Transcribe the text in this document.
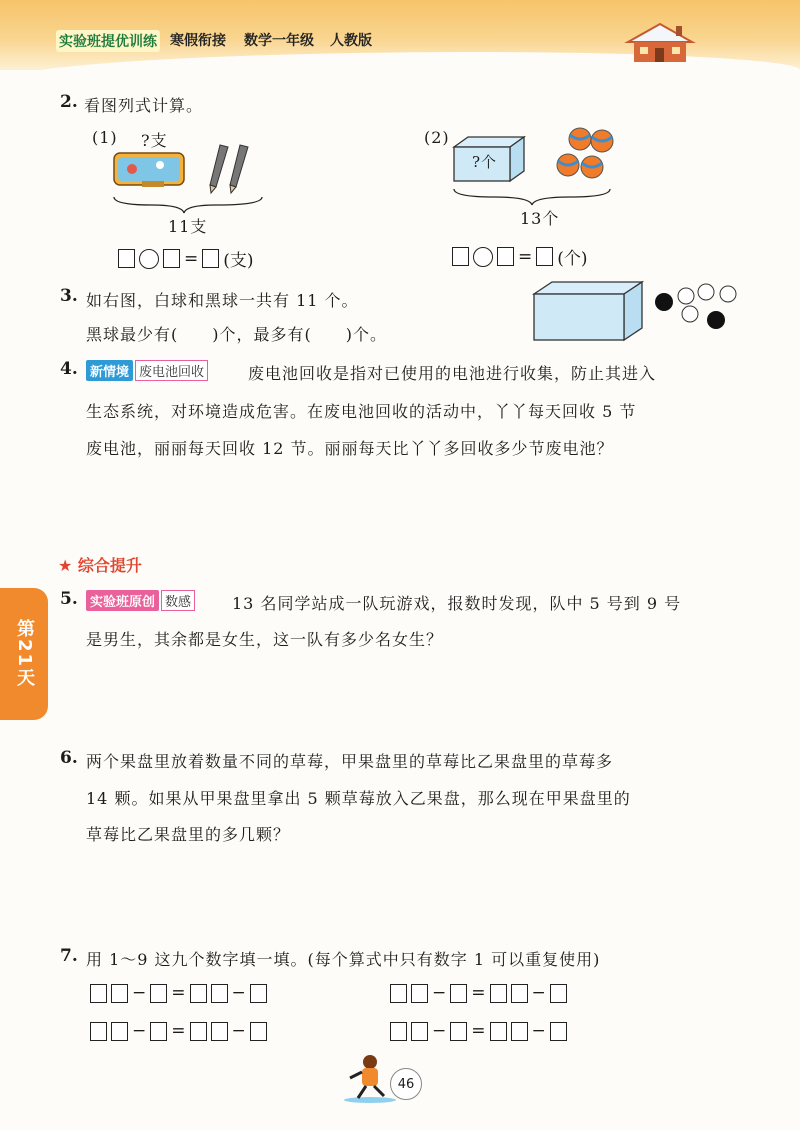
实验班提优训练 寒假衔接 数学一年级 人教版
2. 看图列式计算。
(1) ?支
11支
= (支)
(2)
?个
13个
= (个)
3. 如右图，白球和黑球一共有 11 个。
黑球最少有(　　)个，最多有(　　)个。
4. 新情境 废电池回收	废电池回收是指对已使用的电池进行收集，防止其进入
生态系统，对环境造成危害。在废电池回收的活动中，丫丫每天回收 5 节
废电池，丽丽每天回收 12 节。丽丽每天比丫丫多回收多少节废电池？
★ 综合提升
第21天
5. 实验班原创 数感	13 名同学站成一队玩游戏，报数时发现，队中 5 号到 9 号
是男生，其余都是女生，这一队有多少名女生？
6. 两个果盘里放着数量不同的草莓，甲果盘里的草莓比乙果盘里的草莓多
14 颗。如果从甲果盘里拿出 5 颗草莓放入乙果盘，那么现在甲果盘里的
草莓比乙果盘里的多几颗？
7. 用 1～9 这九个数字填一填。(每个算式中只有数字 1 可以重复使用)
− =	−	− =	−
− =	−	− =	−
46
